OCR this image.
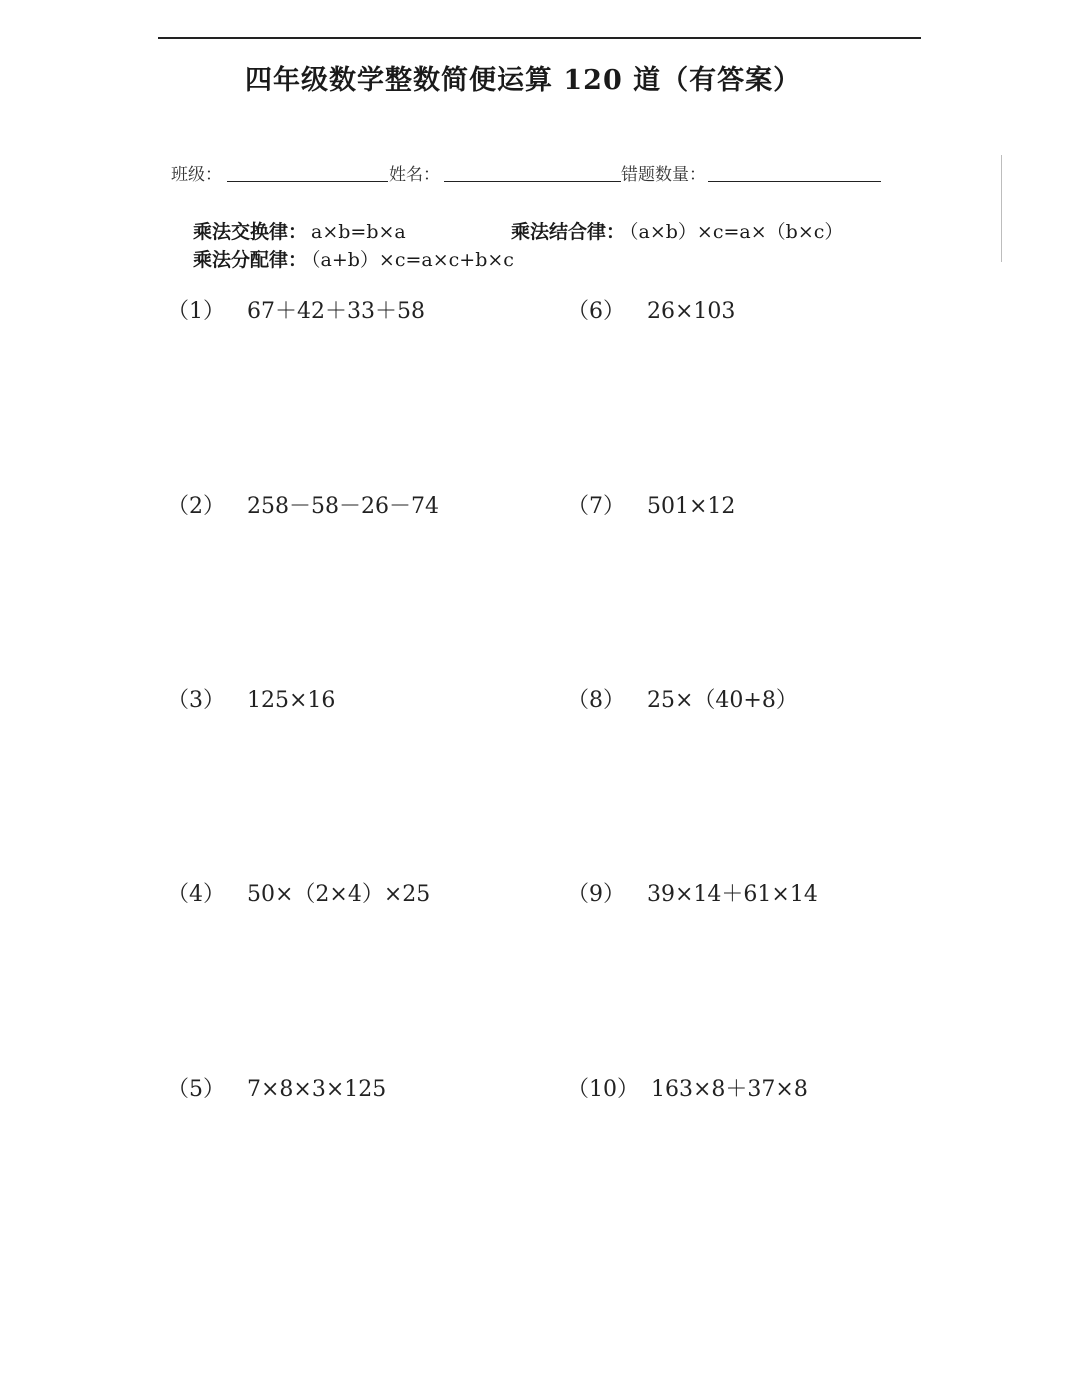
四年级数学整数简便运算 120 道（有答案）
班级：	姓名：	错题数量：
乘法交换律： a×b=b×a	乘法结合律： （a×b）×c=a×（b×c）
乘法分配律： （a+b）×c=a×c+b×c
（1） 67＋42＋33＋58
（2） 258－58－26－74
（3） 125×16
（4） 50×（2×4）×25
（5） 7×8×3×125
（6） 26×103
（7） 501×12
（8） 25×（40+8）
（9） 39×14＋61×14
（10） 163×8＋37×8
